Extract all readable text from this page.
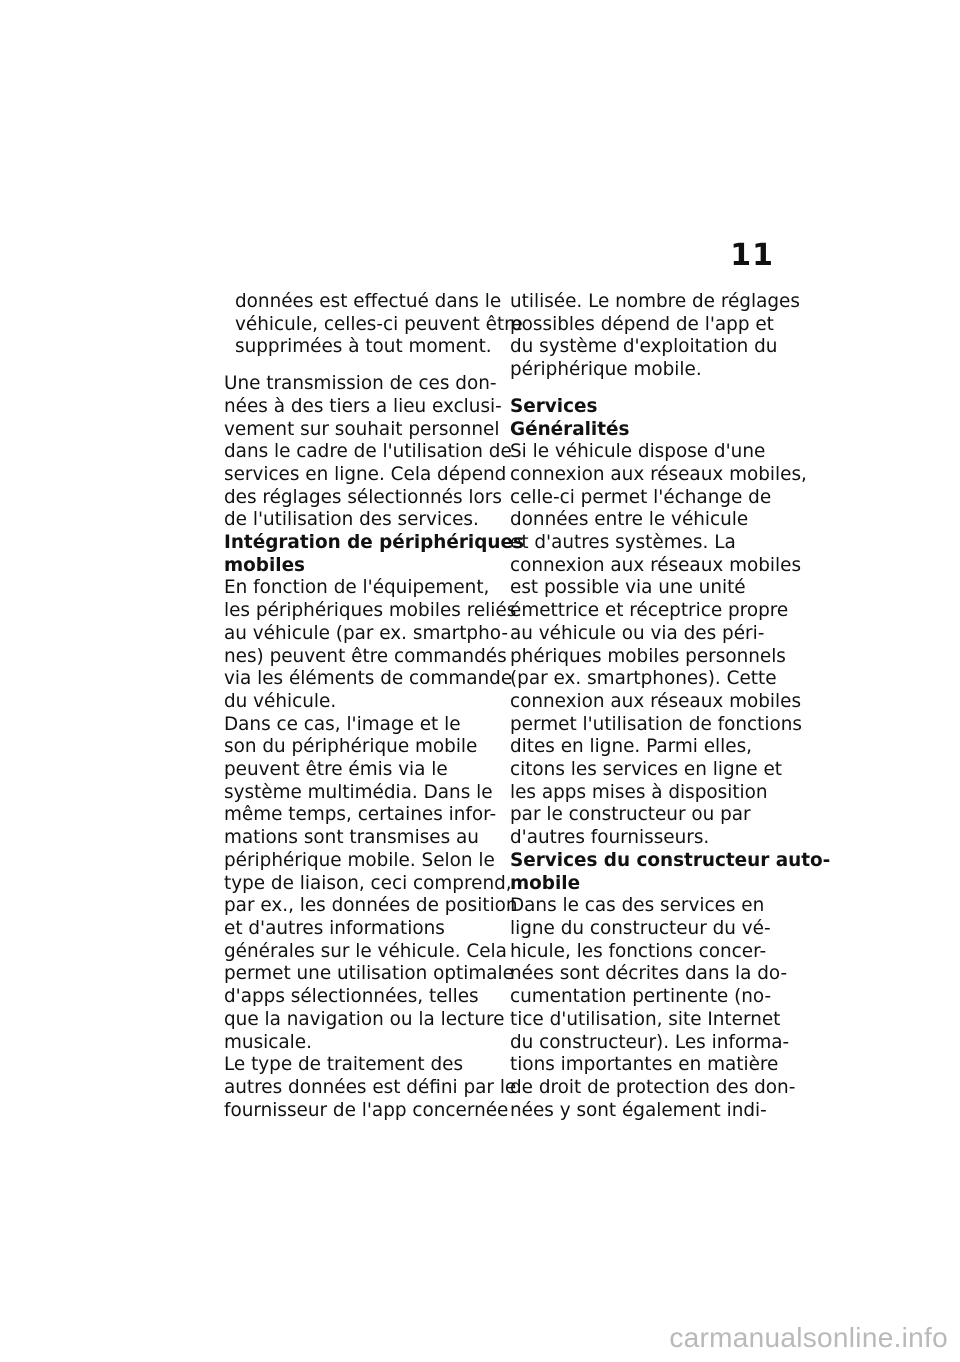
11
données est effectué dans le
véhicule, celles-ci peuvent être
supprimées à tout moment.
Une transmission de ces don-
nées à des tiers a lieu exclusi-
vement sur souhait personnel
dans le cadre de l'utilisation de
services en ligne. Cela dépend
des réglages sélectionnés lors
de l'utilisation des services.
Intégration de périphériques
mobiles
En fonction de l'équipement,
les périphériques mobiles reliés
au véhicule (par ex. smartpho-
nes) peuvent être commandés
via les éléments de commande
du véhicule.
Dans ce cas, l'image et le
son du périphérique mobile
peuvent être émis via le
système multimédia. Dans le
même temps, certaines infor-
mations sont transmises au
périphérique mobile. Selon le
type de liaison, ceci comprend,
par ex., les données de position
et d'autres informations
générales sur le véhicule. Cela
permet une utilisation optimale
d'apps sélectionnées, telles
que la navigation ou la lecture
musicale.
Le type de traitement des
autres données est défini par le
fournisseur de l'app concernée
utilisée. Le nombre de réglages
possibles dépend de l'app et
du système d'exploitation du
périphérique mobile.
Services
Généralités
Si le véhicule dispose d'une
connexion aux réseaux mobiles,
celle-ci permet l'échange de
données entre le véhicule
et d'autres systèmes. La
connexion aux réseaux mobiles
est possible via une unité
émettrice et réceptrice propre
au véhicule ou via des péri-
phériques mobiles personnels
(par ex. smartphones). Cette
connexion aux réseaux mobiles
permet l'utilisation de fonctions
dites en ligne. Parmi elles,
citons les services en ligne et
les apps mises à disposition
par le constructeur ou par
d'autres fournisseurs.
Services du constructeur auto-
mobile
Dans le cas des services en
ligne du constructeur du vé-
hicule, les fonctions concer-
nées sont décrites dans la do-
cumentation pertinente (no-
tice d'utilisation, site Internet
du constructeur). Les informa-
tions importantes en matière
de droit de protection des don-
nées y sont également indi-
carmanualsonline.info
